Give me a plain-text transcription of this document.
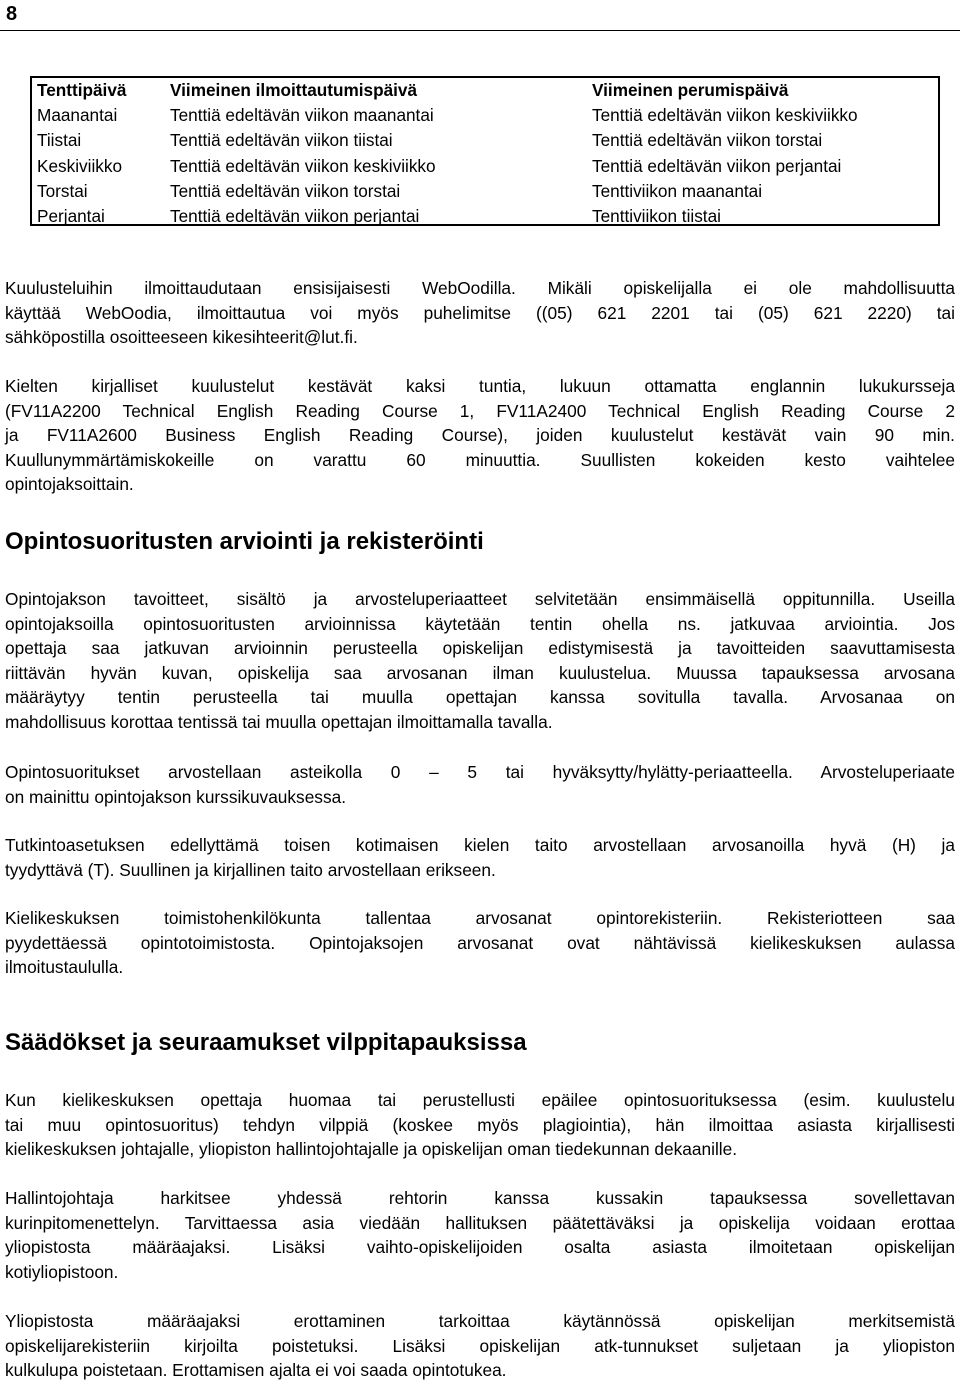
8
Tenttipäivä
Maanantai
Tiistai
Keskiviikko
Torstai
Perjantai
Viimeinen ilmoittautumispäivä
Tenttiä edeltävän viikon maanantai
Tenttiä edeltävän viikon tiistai
Tenttiä edeltävän viikon keskiviikko
Tenttiä edeltävän viikon torstai
Tenttiä edeltävän viikon perjantai
Viimeinen perumispäivä
Tenttiä edeltävän viikon keskiviikko
Tenttiä edeltävän viikon torstai
Tenttiä edeltävän viikon perjantai
Tenttiviikon maanantai
Tenttiviikon tiistai
Kuulusteluihin ilmoittaudutaan ensisijaisesti WebOodilla. Mikäli opiskelijalla ei ole mahdollisuutta
käyttää WebOodia, ilmoittautua voi myös puhelimitse ((05) 621 2201 tai (05) 621 2220) tai
sähköpostilla osoitteeseen kikesihteerit@lut.fi.
Kielten kirjalliset kuulustelut kestävät kaksi tuntia, lukuun ottamatta englannin lukukursseja
(FV11A2200 Technical English Reading Course 1, FV11A2400 Technical English Reading Course 2
ja FV11A2600 Business English Reading Course), joiden kuulustelut kestävät vain 90 min.
Kuullunymmärtämiskokeille on varattu 60 minuuttia. Suullisten kokeiden kesto vaihtelee
opintojaksoittain.
Opintosuoritusten arviointi ja rekisteröinti
Opintojakson tavoitteet, sisältö ja arvosteluperiaatteet selvitetään ensimmäisellä oppitunnilla. Useilla
opintojaksoilla opintosuoritusten arvioinnissa käytetään tentin ohella ns. jatkuvaa arviointia. Jos
opettaja saa jatkuvan arvioinnin perusteella opiskelijan edistymisestä ja tavoitteiden saavuttamisesta
riittävän hyvän kuvan, opiskelija saa arvosanan ilman kuulustelua. Muussa tapauksessa arvosana
määräytyy tentin perusteella tai muulla opettajan kanssa sovitulla tavalla. Arvosanaa on
mahdollisuus korottaa tentissä tai muulla opettajan ilmoittamalla tavalla.
Opintosuoritukset arvostellaan asteikolla 0 – 5 tai hyväksytty/hylätty-periaatteella. Arvosteluperiaate
on mainittu opintojakson kurssikuvauksessa.
Tutkintoasetuksen edellyttämä toisen kotimaisen kielen taito arvostellaan arvosanoilla hyvä (H) ja
tyydyttävä (T). Suullinen ja kirjallinen taito arvostellaan erikseen.
Kielikeskuksen toimistohenkilökunta tallentaa arvosanat opintorekisteriin. Rekisteriotteen saa
pyydettäessä opintotoimistosta. Opintojaksojen arvosanat ovat nähtävissä kielikeskuksen aulassa
ilmoitustaululla.
Säädökset ja seuraamukset vilppitapauksissa
Kun kielikeskuksen opettaja huomaa tai perustellusti epäilee opintosuorituksessa (esim. kuulustelu
tai muu opintosuoritus) tehdyn vilppiä (koskee myös plagiointia), hän ilmoittaa asiasta kirjallisesti
kielikeskuksen johtajalle, yliopiston hallintojohtajalle ja opiskelijan oman tiedekunnan dekaanille.
Hallintojohtaja harkitsee yhdessä rehtorin kanssa kussakin tapauksessa sovellettavan
kurinpitomenettelyn. Tarvittaessa asia viedään hallituksen päätettäväksi ja opiskelija voidaan erottaa
yliopistosta määräajaksi. Lisäksi vaihto-opiskelijoiden osalta asiasta ilmoitetaan opiskelijan
kotiyliopistoon.
Yliopistosta määräajaksi erottaminen tarkoittaa käytännössä opiskelijan merkitsemistä
opiskelijarekisteriin kirjoilta poistetuksi. Lisäksi opiskelijan atk-tunnukset suljetaan ja yliopiston
kulkulupa poistetaan. Erottamisen ajalta ei voi saada opintotukea.
